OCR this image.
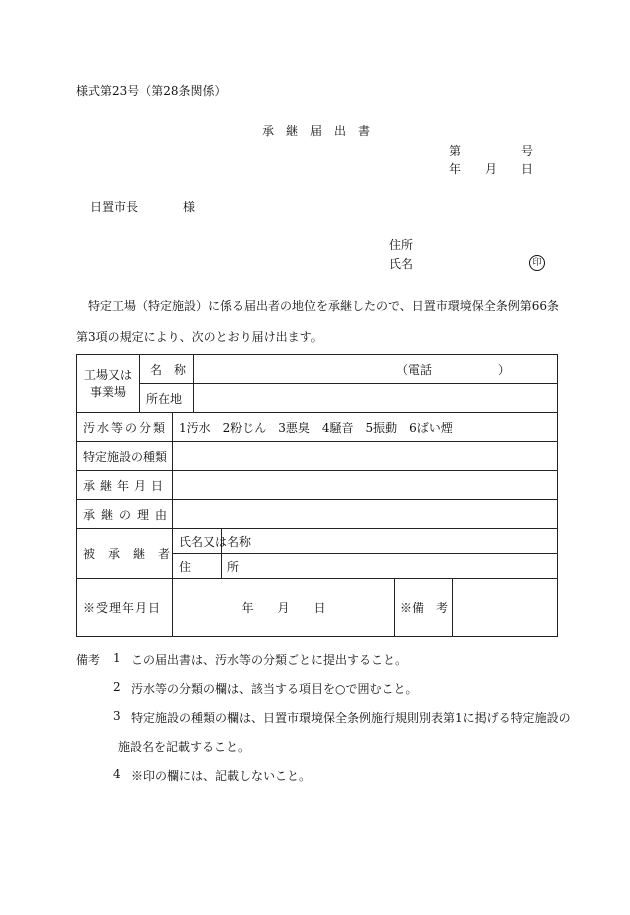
様式第23号（第28条関係）
承　継　届　出　書
第	号
年 月 日
日置市長	様
住所
氏名	印
特定工場（特定施設）に係る届出者の地位を承継したので、日置市環境保全条例第66条第3項の規定により、次のとおり届け出ます。
工場又は事業場	名　称		（電話 ）		
	所在地				
汚水等の分類		1汚水　2粉じん　3悪臭　4騒音　5振動　6ばい煙			
特定施設の種類					
承継年月日					
承継の理由					
被承継者		氏名又は名称			
		住　所			
※受理年月日		年　　月　　日			※備　考
備考 1 この届出書は、汚水等の分類ごとに提出すること。
2 汚水等の分類の欄は、該当する項目を○で囲むこと。
3 特定施設の種類の欄は、日置市環境保全条例施行規則別表第1に掲げる特定施設の
施設名を記載すること。
4 ※印の欄には、記載しないこと。
